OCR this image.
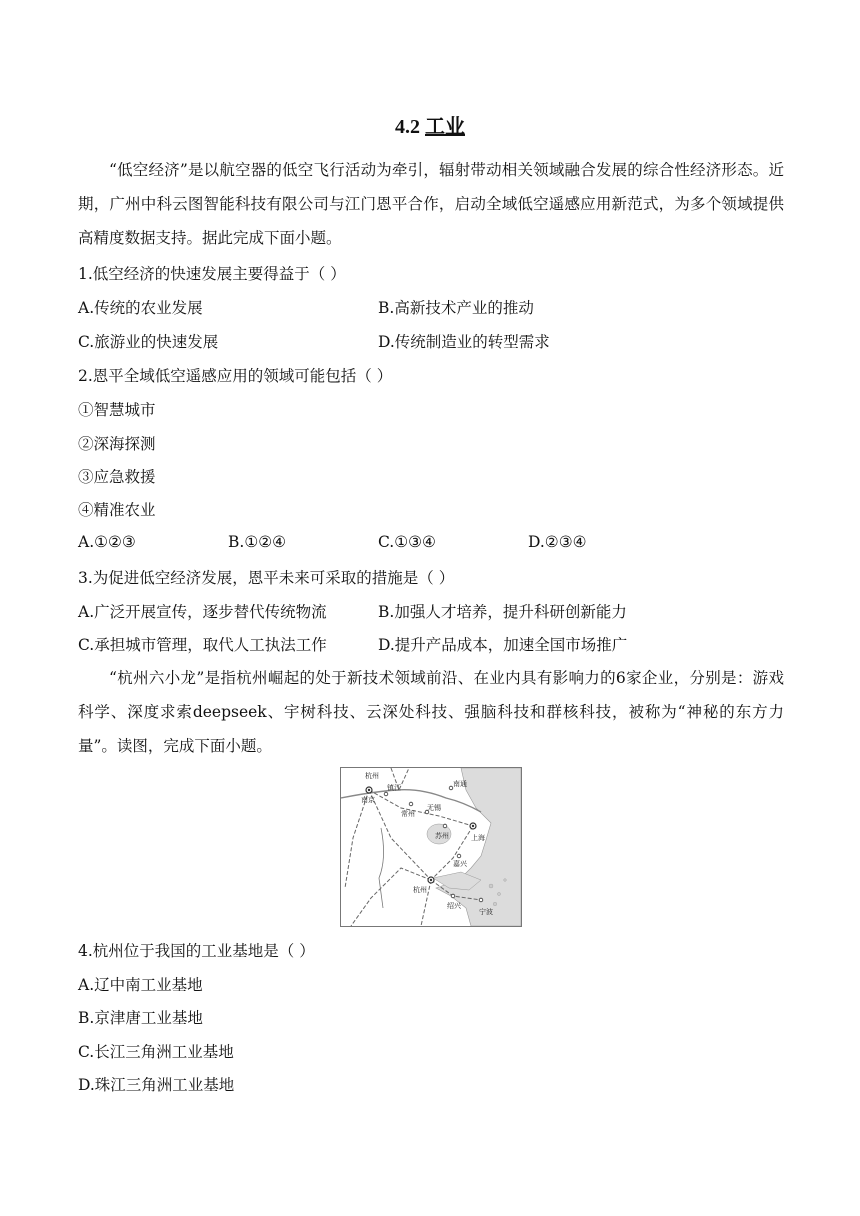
4.2 工业
“低空经济”是以航空器的低空飞行活动为牵引，辐射带动相关领域融合发展的综合性经济形态。近期，广州中科云图智能科技有限公司与江门恩平合作，启动全域低空遥感应用新范式，为多个领域提供高精度数据支持。据此完成下面小题。
1.低空经济的快速发展主要得益于（ ）
A.传统的农业发展	B.高新技术产业的推动
C.旅游业的快速发展	D.传统制造业的转型需求
2.恩平全域低空遥感应用的领域可能包括（ ）
①智慧城市
②深海探测
③应急救援
④精准农业
A.①②③	B.①②④	C.①③④	D.②③④
3.为促进低空经济发展，恩平未来可采取的措施是（ ）
A.广泛开展宣传，逐步替代传统物流	B.加强人才培养，提升科研创新能力
C.承担城市管理，取代人工执法工作	D.提升产品成本，加速全国市场推广
“杭州六小龙”是指杭州崛起的处于新技术领域前沿、在业内具有影响力的6家企业，分别是：游戏科学、深度求索deepseek、宇树科技、云深处科技、强脑科技和群核科技，被称为“神秘的东方力量”。读图，完成下面小题。
杭州
南京
镇江
常州
南通
苏州	上海
杭州
宁波
绍兴
嘉兴
无锡
4.杭州位于我国的工业基地是（ ）
A.辽中南工业基地
B.京津唐工业基地
C.长江三角洲工业基地
D.珠江三角洲工业基地
